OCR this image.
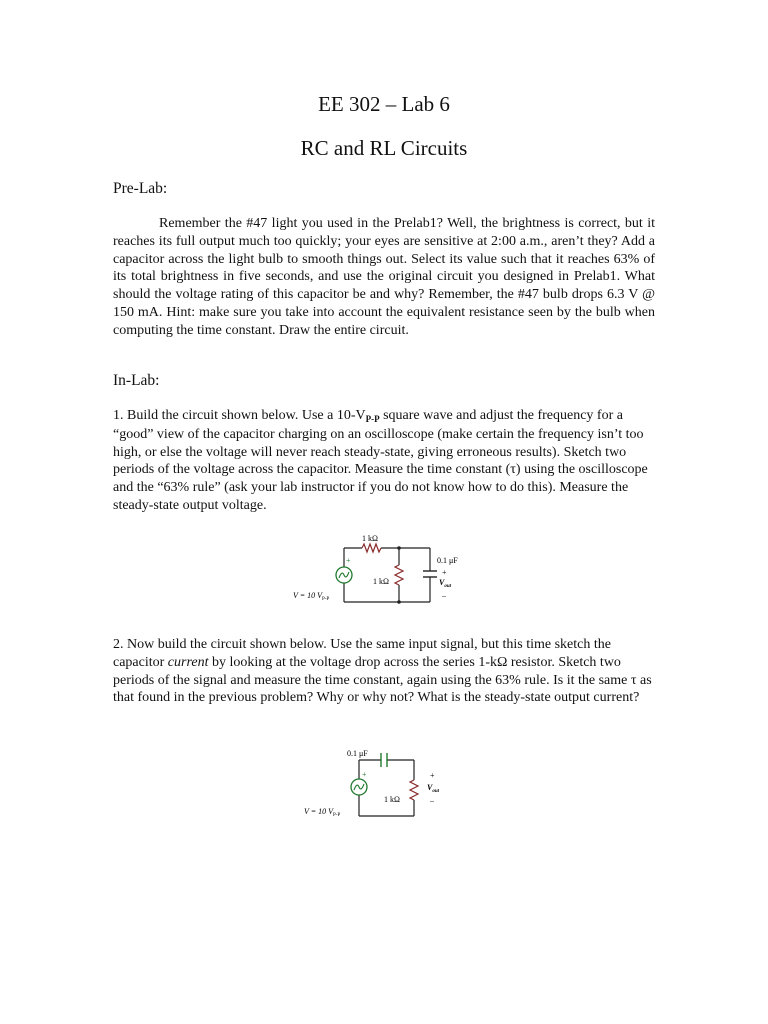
EE 302 – Lab 6
RC and RL Circuits
Pre-Lab:

Remember the #47 light you used in the Prelab1? Well, the brightness is correct, but it reaches its full output much too quickly; your eyes are sensitive at 2:00 a.m., aren’t they? Add a capacitor across the light bulb to smooth things out. Select its value such that it reaches 63% of its total brightness in five seconds, and use the original circuit you designed in Prelab1. What should the voltage rating of this capacitor be and why? Remember, the #47 bulb drops 6.3 V @ 150 mA. Hint: make sure you take into account the equivalent resistance seen by the bulb when computing the time constant. Draw the entire circuit.

In-Lab:

1. Build the circuit shown below. Use a $10-V_{P-P}$ square wave and adjust the frequency for a “good” view of the capacitor charging on an oscilloscope (make certain the frequency isn’t too high, or else the voltage will never reach steady-state, giving erroneous results). Sketch two periods of the voltage across the capacitor. Measure the time constant (τ) using the oscilloscope and the “63% rule” (ask your lab instructor if you do not know how to do this). Measure the steady-state output voltage.

1 kΩ
1 kΩ
0.1 μF
+
+
$V_{out}$
–
V = 10 $V_{P-P}$

2. Now build the circuit shown below. Use the same input signal, but this time sketch the capacitor current by looking at the voltage drop across the series 1-kΩ resistor. Sketch two periods of the signal and measure the time constant, again using the 63% rule. Is it the same τ as that found in the previous problem? Why or why not? What is the steady-state output current?

0.1 μF
1 kΩ
+	+
$V_{out}$
–
V = 10 $V_{P-P}$
